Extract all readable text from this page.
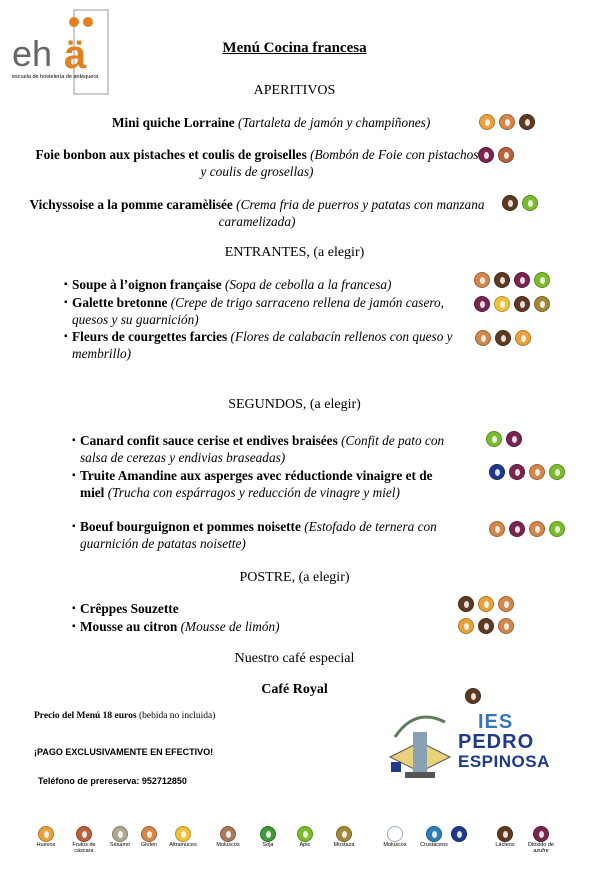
eh ä
escuela de hostelería de antequera
Menú Cocina francesa
APERITIVOS
Mini quiche Lorraine (Tartaleta de jamón y champiñones)
Foie bonbon aux pistaches et coulis de groiselles (Bombón de Foie con pistachos y coulis de grosellas)
Vichyssoise a la pomme caramèlisée (Crema fria de puerros y patatas con manzana caramelizada)
ENTRANTES, (a elegir)
▪ Soupe à l’oignon française (Sopa de cebolla a la francesa)
▪ Galette bretonne (Crepe de trigo sarraceno rellena de jamón casero, quesos y su guarnición)
▪ Fleurs de courgettes farcies (Flores de calabacín rellenos con queso y membrillo)
SEGUNDOS, (a elegir)
▪ Canard confit sauce cerise et endives braisées (Confit de pato con salsa de cerezas y endivias braseadas)
▪ Truite Amandine aux asperges avec réductionde vinaigre et de miel (Trucha con espárragos y reducción de vinagre y miel)
▪ Boeuf bourguignon et pommes noisette (Estofado de ternera con guarnición de patatas noisette)
POSTRE, (a elegir)
▪ Crêppes Souzette
▪ Mousse au citron (Mousse de limón)
Nuestro café especial
Café Royal
Precio del Menú 18 euros (bebida no incluida)
¡PAGO EXCLUSIVAMENTE EN EFECTIVO!
Teléfono de prereserva: 952712850
IES
PEDRO
ESPINOSA
Huevos	Frutos de cáscara
Sésamo	Gluten	Altramuces	Moluscos	Soja	Apio	Mostaza	Moluscos	Crustáceos	Lácteos	Dióxido de azufre
